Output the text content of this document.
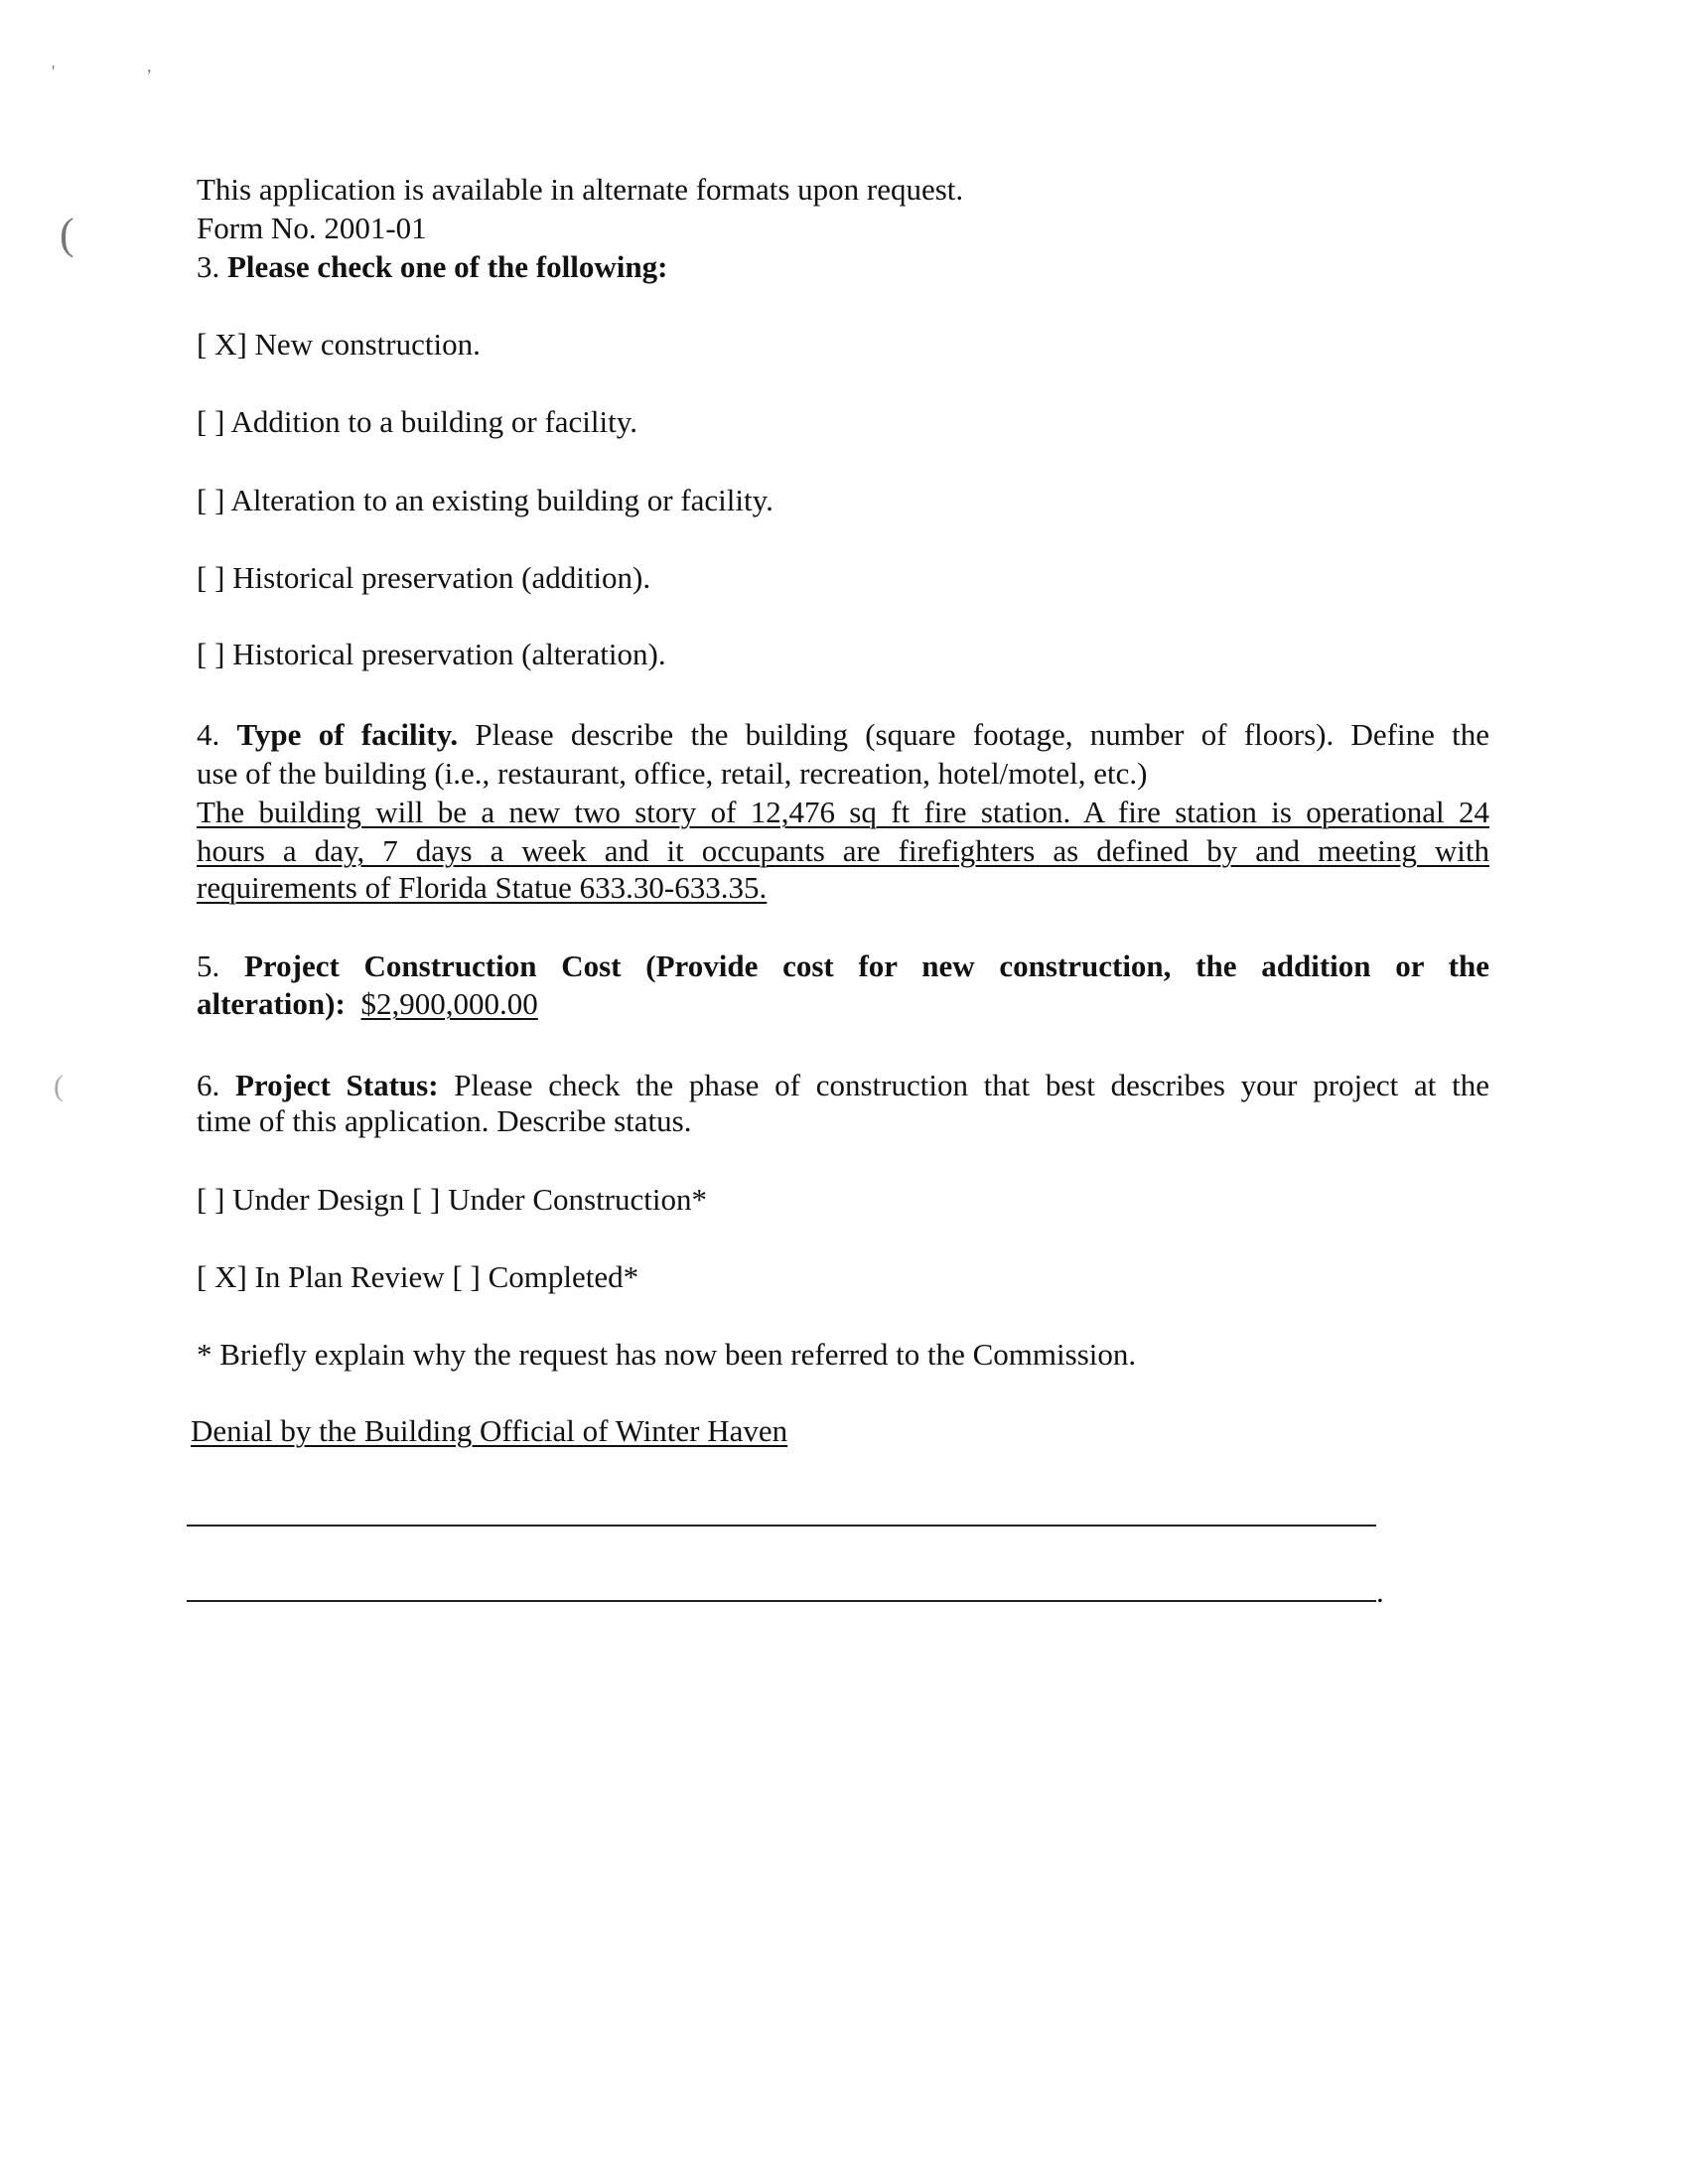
'	,
(
(
This application is available in alternate formats upon request.
Form No. 2001-01
3. Please check one of the following:
[ X] New construction.
[ ] Addition to a building or facility.
[ ] Alteration to an existing building or facility.
[ ] Historical preservation (addition).
[ ] Historical preservation (alteration).
4. Type of facility. Please describe the building (square footage, number of floors). Define the
use of the building (i.e., restaurant, office, retail, recreation, hotel/motel, etc.)
The building will be a new two story of 12,476 sq ft fire station. A fire station is operational 24
hours a day, 7 days a week and it occupants are firefighters as defined by and meeting with
requirements of Florida Statue 633.30-633.35.
5. Project Construction Cost (Provide cost for new construction, the addition or the
alteration): $2,900,000.00
6. Project Status: Please check the phase of construction that best describes your project at the
time of this application. Describe status.
[ ] Under Design [ ] Under Construction*
[ X] In Plan Review [ ] Completed*
* Briefly explain why the request has now been referred to the Commission.
Denial by the Building Official of Winter Haven
.
